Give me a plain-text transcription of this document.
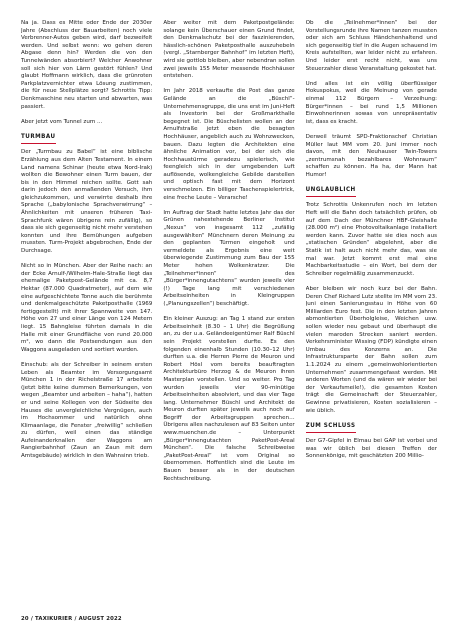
Na ja. Dass es Mitte oder Ende der 2030er Jahre (Abschluss der Bauarbeiten) noch viele Verbrenner-Autos geben wird, darf bezweifelt werden. Und selbst wenn: wo gehen deren Abgase denn hin? Werden die von den Tunnelwänden absorbiert? Welcher Anwohner soll sich hier von Lärm gestört fühlen? Und glaubt Hoffmann wirklich, dass die grünroten Parkplatzvernichter etwa Lösung zustimmen, die für neue Stellplätze sorgt? Schrottis Tipp: Denkmaschine neu starten und abwarten, was passiert.

Aber jetzt vom Tunnel zum ...

TURMBAU

Der „Turmbau zu Babel“ ist eine biblische Erzählung aus dem Alten Testament. In einem Land namens Schinar (heute etwa Nord-Irak) wollten die Bewohner einen Turm bauen, der bis in den Himmel reichen sollte. Gott sah darin jedoch den anmaßenden Versuch, ihm gleichzukommen, und verwirrte deshalb ihre Sprache („babylonische Sprachverwirrung“ – Ähnlichkeiten mit unseren früheren Taxi-Sprachfunk wären übrigens rein zufällig), so dass sie sich gegenseitig nicht mehr verstehen konnten und ihre Bemühungen aufgeben mussten. Turm-Projekt abgebrochen, Ende der Durchsage.

Nicht so in München. Aber der Reihe nach: an der Ecke Arnulf-/Wilhelm-Hale-Straße liegt das ehemalige Paketpost-Gelände mit ca. 8,7 Hektar (87.000 Quadratmeter), auf dem wie eine aufgeschichtete Tonne auch die berühmte und denkmalgeschützte Paketposthalle (1969 fertiggestellt) mit ihrer Spannweite von 147. Höhe von 27 und einer Länge von 124 Metern liegt. 15 Bahngleise führten damals in die Halle mit einer Grundfläche von rund 20.000 m², wo dann die Postsendungen aus den Waggons ausgeladen und sortiert wurden.

Einschub: als der Schreiber in seinem ersten Leben als Beamter im Versorgungsamt München 1 in der Richelstraße 17 arbeitete (jetzt bitte keine dummen Bemerkungen, von wegen „Beamter und arbeiten – haha“), hatten er und seine Kollegen von der Südseite des Hauses die unvergleichliche Vergnügen, auch im Hochsommer und natürlich ohne Klimaanlage, die Fenster „freiwillig“ schließen zu dürfen, weil einen das ständige Aufeinanderknallen der Waggons am Rangierbahnhof (Zaun an Zaun mit dem Amtsgebäude) wirklich in den Wahnsinn trieb.

Aber weiter mit dem Paketpostgelände: solange kein Überschauer einen Grund findet, den Denkmalschutz bei der faszinierenden, hässlich-schönen Paketposthalle auszuhebeln (vergl. „Starnberger Bahnhof“ im letzten Heft), wird sie gottlob bleiben, aber nebendran sollen zwei jeweils 155 Meter messende Hochhäuser entstehen.

Im Jahr 2018 verkaufte die Post das ganze Gelände an die „Büschl“-Unternehmensgruppe, die uns erst im Juni-Heft als Investorin bei der Großmarkthalle begegnet ist. Die Büschelisten wollen an der Arnulfstraße jetzt eben die besagten Hochhäuser, angeblich auch zu Wohnzwecken, bauen. Dazu legten die Architekten eine ähnliche Animation vor, bei der sich die Hochhaustürme geradezu spielerisch, wie feengleich sich in der umgebenden Luft auflösende, wolkengleiche Gebilde darstellen und optisch fast mit dem Horizont verschmelzen. Ein billiger Taschenspielertrick, eine freche Leute – Verarsche!

Im Auftrag der Stadt hatte letztes Jahr das der Grünen nahestehende Berliner Institut „Nexus“ von insgesamt 112 „zufällig ausgewählten“ Münchnern deren Meinung zu den geplanten Türmen eingeholt und vermeldete als Ergebnis eine weit überwiegende Zustimmung zum Bau der 155 Meter hohen Wolkenkratzer. Die „Teilnehmer*innen“ des „Bürger*innengutachtens“ wurden jeweils vier (!) Tage lang mit verschiedenen Arbeitseinheiten in Kleingruppen („Planungszellen“) beschäftigt.

Ein kleiner Auszug: an Tag 1 stand zur ersten Arbeitseinheit (8.30 – 1 Uhr) die Begrüßung an, zu der u.a. Geländeeigentümer Ralf Büschl sein Projekt vorstellen durfte. Es den folgenden einenhalb Stunden (10.30–12 Uhr) durften u.a. die Herren Pierre de Meuron und Robert Hösl vom bereits beauftragten Architekturbüro Herzog & de Meuron ihren Masterplan vorstellen. Und so weiter. Pro Tag wurden jeweils vier 90-minütige Arbeitseinheiten absolviert, und das vier Tage lang. Unternehmer Büschl und Architekt de Meuron durften später jeweils auch noch auf Begriff der Arbeitsgruppen sprechen… Übrigens alles nachzulesen auf 83 Seiten unter www.muenchen.de – Unterpunkt „Bürger*innengutachten PaketPost-Areal München“. Die falsche Schreibweise „PaketPost-Areal“ ist vom Original so übernommen. Hoffentlich sind die Leute im Bauen besser als in der deutschen Rechtschreibung.

Ob die „Teilnehmer*innen“ bei der Vorstellungsrunde ihre Namen tanzen mussten oder sich am Schluss Händchenhaltend und sich gegenseitig tief in die Augen schauend im Kreis aufstellten, war leider nicht zu erfahren. Und leider erst recht nicht, was uns Steuerzahler diese Veranstaltung gekostet hat.

Und alles ist ein völlig überflüssiger Hokuspokus, weil die Meinung von gerade einmal 112 Bürgern – Verzeihung: Bürger*innen – bei rund 1,5 Millionen Einwohnerinnen sowas von unrepräsentativ ist, dass es kracht.

Derweil träumt SPD-Fraktionschef Christian Müller laut MM vom 20. Juni immer noch davon, mit den Neuhauser Twin-Towers „zentrumsnah bezahlbares Wohnraum“ schaffen zu können. Ha ha, der Mann hat Humor!

UNGLAUBLICH

Trotz Schrottis Unkenrufen noch im letzten Heft will die Bahn doch tatsächlich prüfen, ob auf dem Dach der Münchner HBF-Gleishalle (28.000 m²) eine Photovoltaikanlage installiert werden kann. Zuvor hatte sie dies noch aus „statischen Gründen“ abgelehnt, aber die Statik ist halt auch nicht mehr das, was sie mal war. Jetzt kommt erst mal eine Machbarkeitsstudie – ein Wort, bei dem der Schreiber regelmäßig zusammenzuckt.

Aber bleiben wir noch kurz bei der Bahn. Deren Chef Richard Lutz stellte im MM vom 23. Juni einen Sanierungsstau in Höhe von 60 Milliarden Euro fest. Die in den letzten Jahren abmontierten Überholgleise, Weichen usw. sollen wieder neu gebaut und überhaupt die vielen maroden Strecken saniert werden. Verkehrsminister Wissing (FDP) kündigte einen Umbau des Konzerns an. Die Infrastruktursparte der Bahn sollen zum 1.1.2024 zu einem „gemeinwohlorientierten Unternehmen“ zusammengefasst werden. Mit anderen Worten (und da wären wir wieder bei der Verkaufsmeile!), die gesamten Kosten trägt die Gemeinschaft der Steuerzahler, Gewinne privatisieren, Kosten sozialisieren – wie üblich.

ZUM SCHLUSS

Der G7-Gipfel in Elmau bei GAP ist vorbei und was wir üblich bei diesen Treffen der Sonnenkönige, mit geschätzten 200 Millio-

20 / TAXIKURIER / AUGUST 2022
